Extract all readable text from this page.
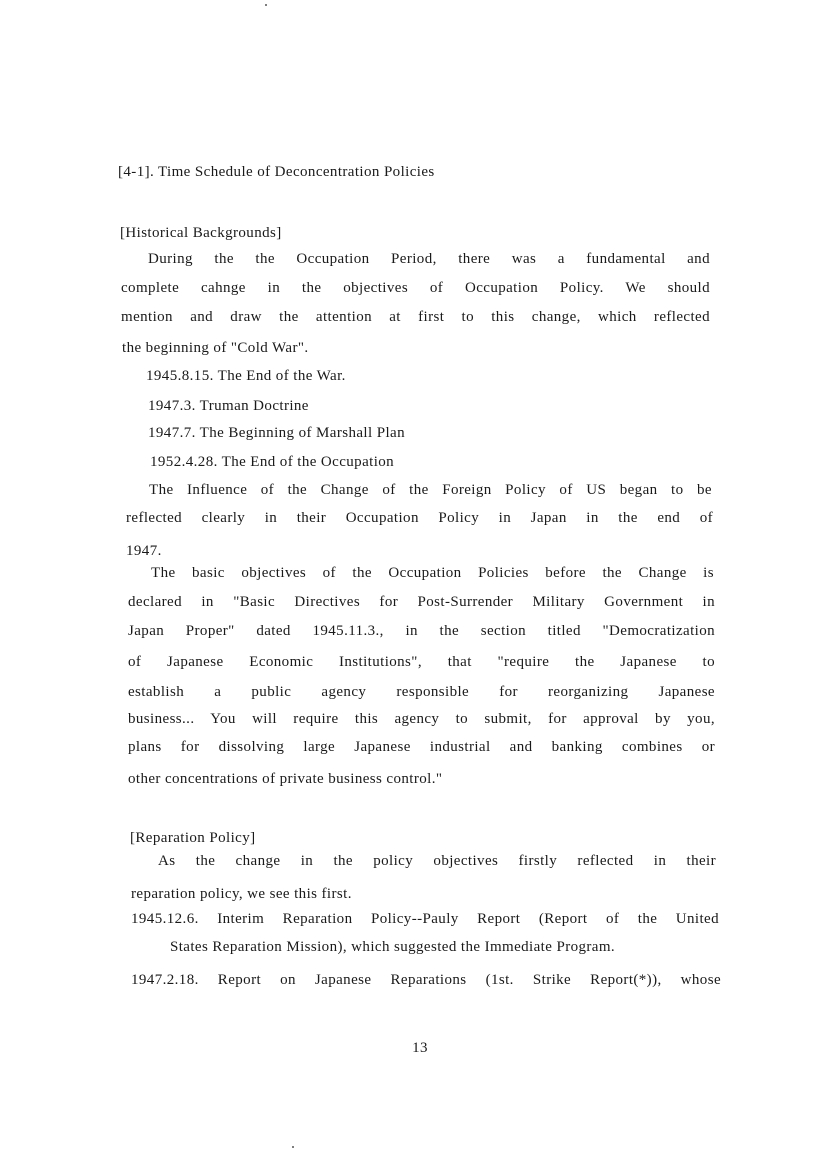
[4-1]. Time Schedule of Deconcentration Policies
[Historical Backgrounds]
During the the Occupation Period, there was a fundamental and
complete cahnge in the objectives of Occupation Policy. We should
mention and draw the attention at first to this change, which reflected
the beginning of "Cold War".
1945.8.15. The End of the War.
1947.3. Truman Doctrine
1947.7. The Beginning of Marshall Plan
1952.4.28. The End of the Occupation
The Influence of the Change of the Foreign Policy of US began to be
reflected clearly in their Occupation Policy in Japan in the end of
1947.
The basic objectives of the Occupation Policies before the Change is
declared in "Basic Directives for Post-Surrender Military Government in
Japan Proper" dated 1945.11.3., in the section titled "Democratization
of Japanese Economic Institutions", that "require the Japanese to
establish a public agency responsible for reorganizing Japanese
business... You will require this agency to submit, for approval by you,
plans for dissolving large Japanese industrial and banking combines or
other concentrations of private business control."
[Reparation Policy]
As the change in the policy objectives firstly reflected in their
reparation policy, we see this first.
1945.12.6. Interim Reparation Policy--Pauly Report (Report of the United
States Reparation Mission), which suggested the Immediate Program.
1947.2.18. Report on Japanese Reparations (1st. Strike Report(*)), whose
13
